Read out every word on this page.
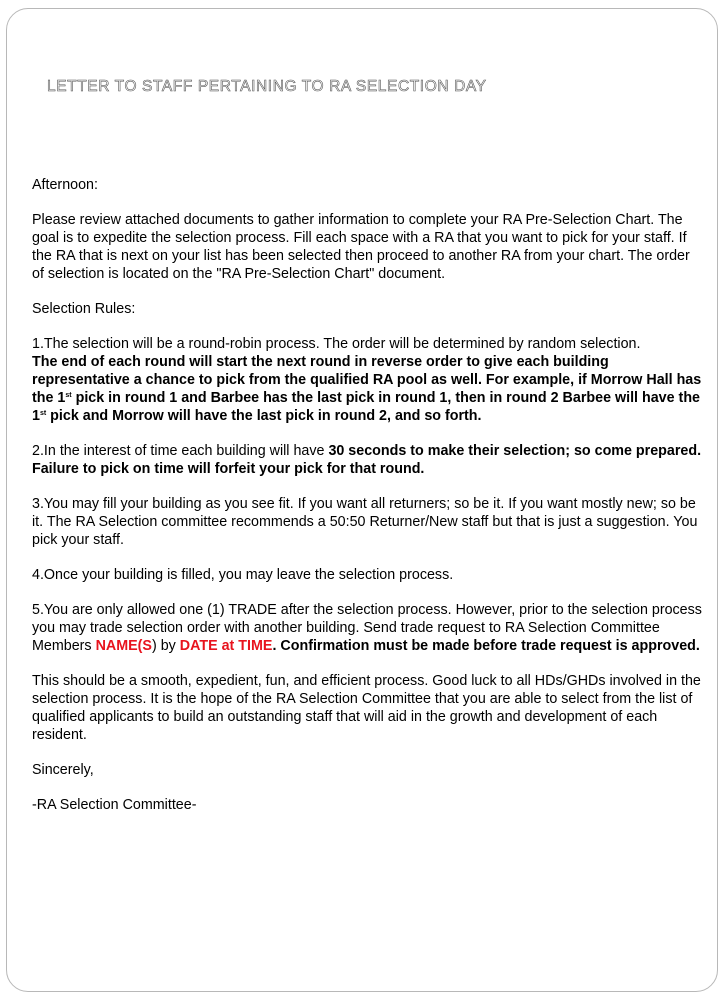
LETTER TO STAFF PERTAINING TO RA SELECTION DAY

Afternoon:

Please review attached documents to gather information to complete your RA Pre-Selection Chart. The goal is to expedite the selection process. Fill each space with a RA that you want to pick for your staff. If the RA that is next on your list has been selected then proceed to another RA from your chart. The order of selection is located on the "RA Pre-Selection Chart" document.

Selection Rules:

1.The selection will be a round-robin process. The order will be determined by random selection.
The end of each round will start the next round in reverse order to give each building representative a chance to pick from the qualified RA pool as well. For example, if Morrow Hall has the 1st pick in round 1 and Barbee has the last pick in round 1, then in round 2 Barbee will have the 1st pick and Morrow will have the last pick in round 2, and so forth.

2.In the interest of time each building will have 30 seconds to make their selection; so come prepared. Failure to pick on time will forfeit your pick for that round.

3.You may fill your building as you see fit. If you want all returners; so be it. If you want mostly new; so be it. The RA Selection committee recommends a 50:50 Returner/New staff but that is just a suggestion. You pick your staff.

4.Once your building is filled, you may leave the selection process.

5.You are only allowed one (1) TRADE after the selection process. However, prior to the selection process you may trade selection order with another building. Send trade request to RA Selection Committee Members NAME(S) by DATE at TIME. Confirmation must be made before trade request is approved.

This should be a smooth, expedient, fun, and efficient process. Good luck to all HDs/GHDs involved in the selection process. It is the hope of the RA Selection Committee that you are able to select from the list of qualified applicants to build an outstanding staff that will aid in the growth and development of each resident.

Sincerely,

-RA Selection Committee-
